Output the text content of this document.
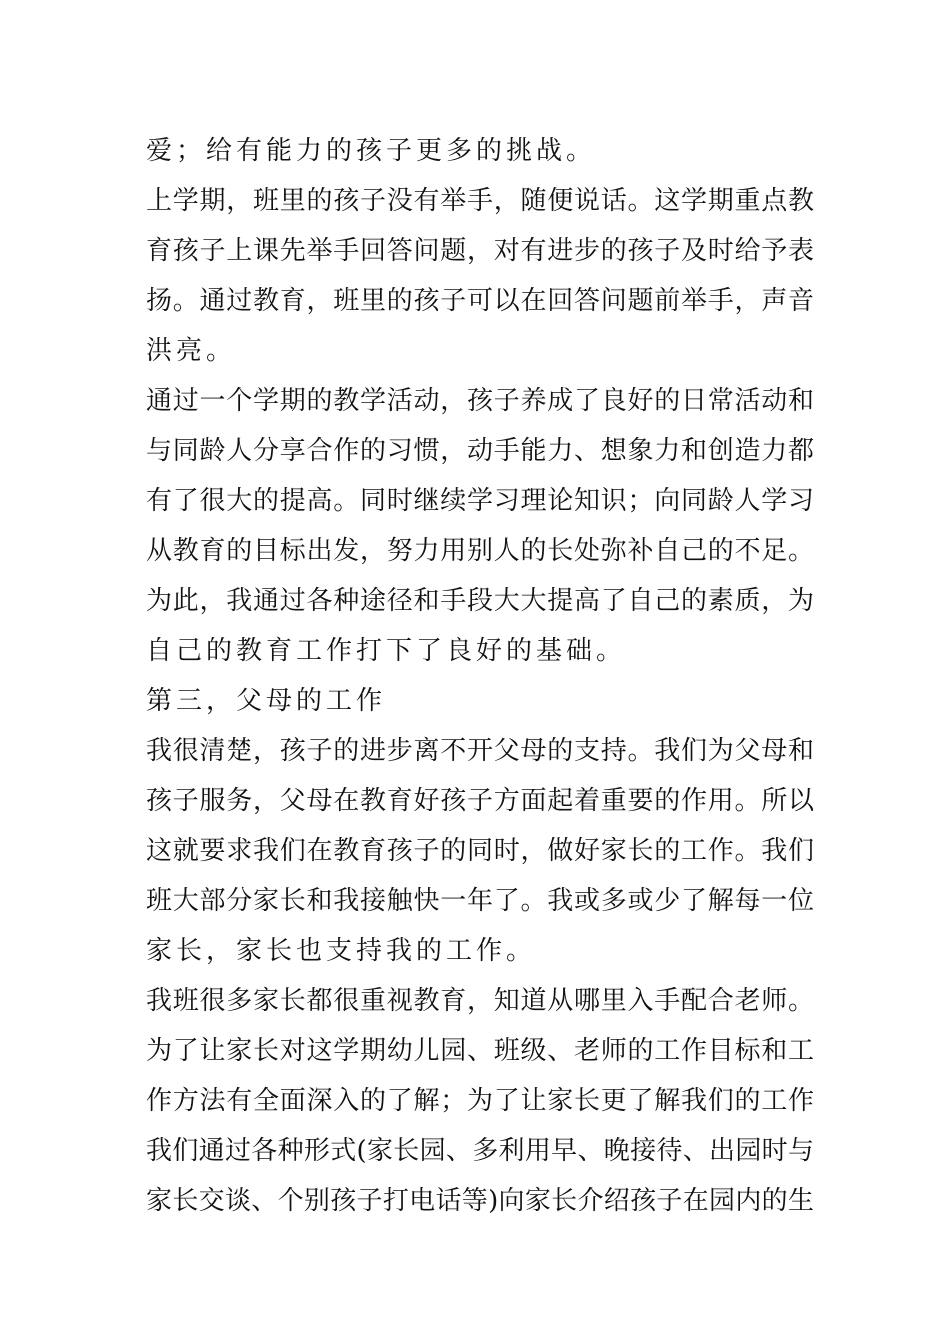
爱；给有能力的孩子更多的挑战。
上学期，班里的孩子没有举手，随便说话。这学期重点教
育孩子上课先举手回答问题，对有进步的孩子及时给予表
扬。通过教育，班里的孩子可以在回答问题前举手，声音
洪亮。
通过一个学期的教学活动，孩子养成了良好的日常活动和
与同龄人分享合作的习惯，动手能力、想象力和创造力都
有了很大的提高。同时继续学习理论知识；向同龄人学习
从教育的目标出发，努力用别人的长处弥补自己的不足。
为此，我通过各种途径和手段大大提高了自己的素质，为
自己的教育工作打下了良好的基础。
第三，父母的工作
我很清楚，孩子的进步离不开父母的支持。我们为父母和
孩子服务，父母在教育好孩子方面起着重要的作用。所以
这就要求我们在教育孩子的同时，做好家长的工作。我们
班大部分家长和我接触快一年了。我或多或少了解每一位
家长，家长也支持我的工作。
我班很多家长都很重视教育，知道从哪里入手配合老师。
为了让家长对这学期幼儿园、班级、老师的工作目标和工
作方法有全面深入的了解；为了让家长更了解我们的工作
我们通过各种形式(家长园、多利用早、晚接待、出园时与
家长交谈、个别孩子打电话等)向家长介绍孩子在园内的生
